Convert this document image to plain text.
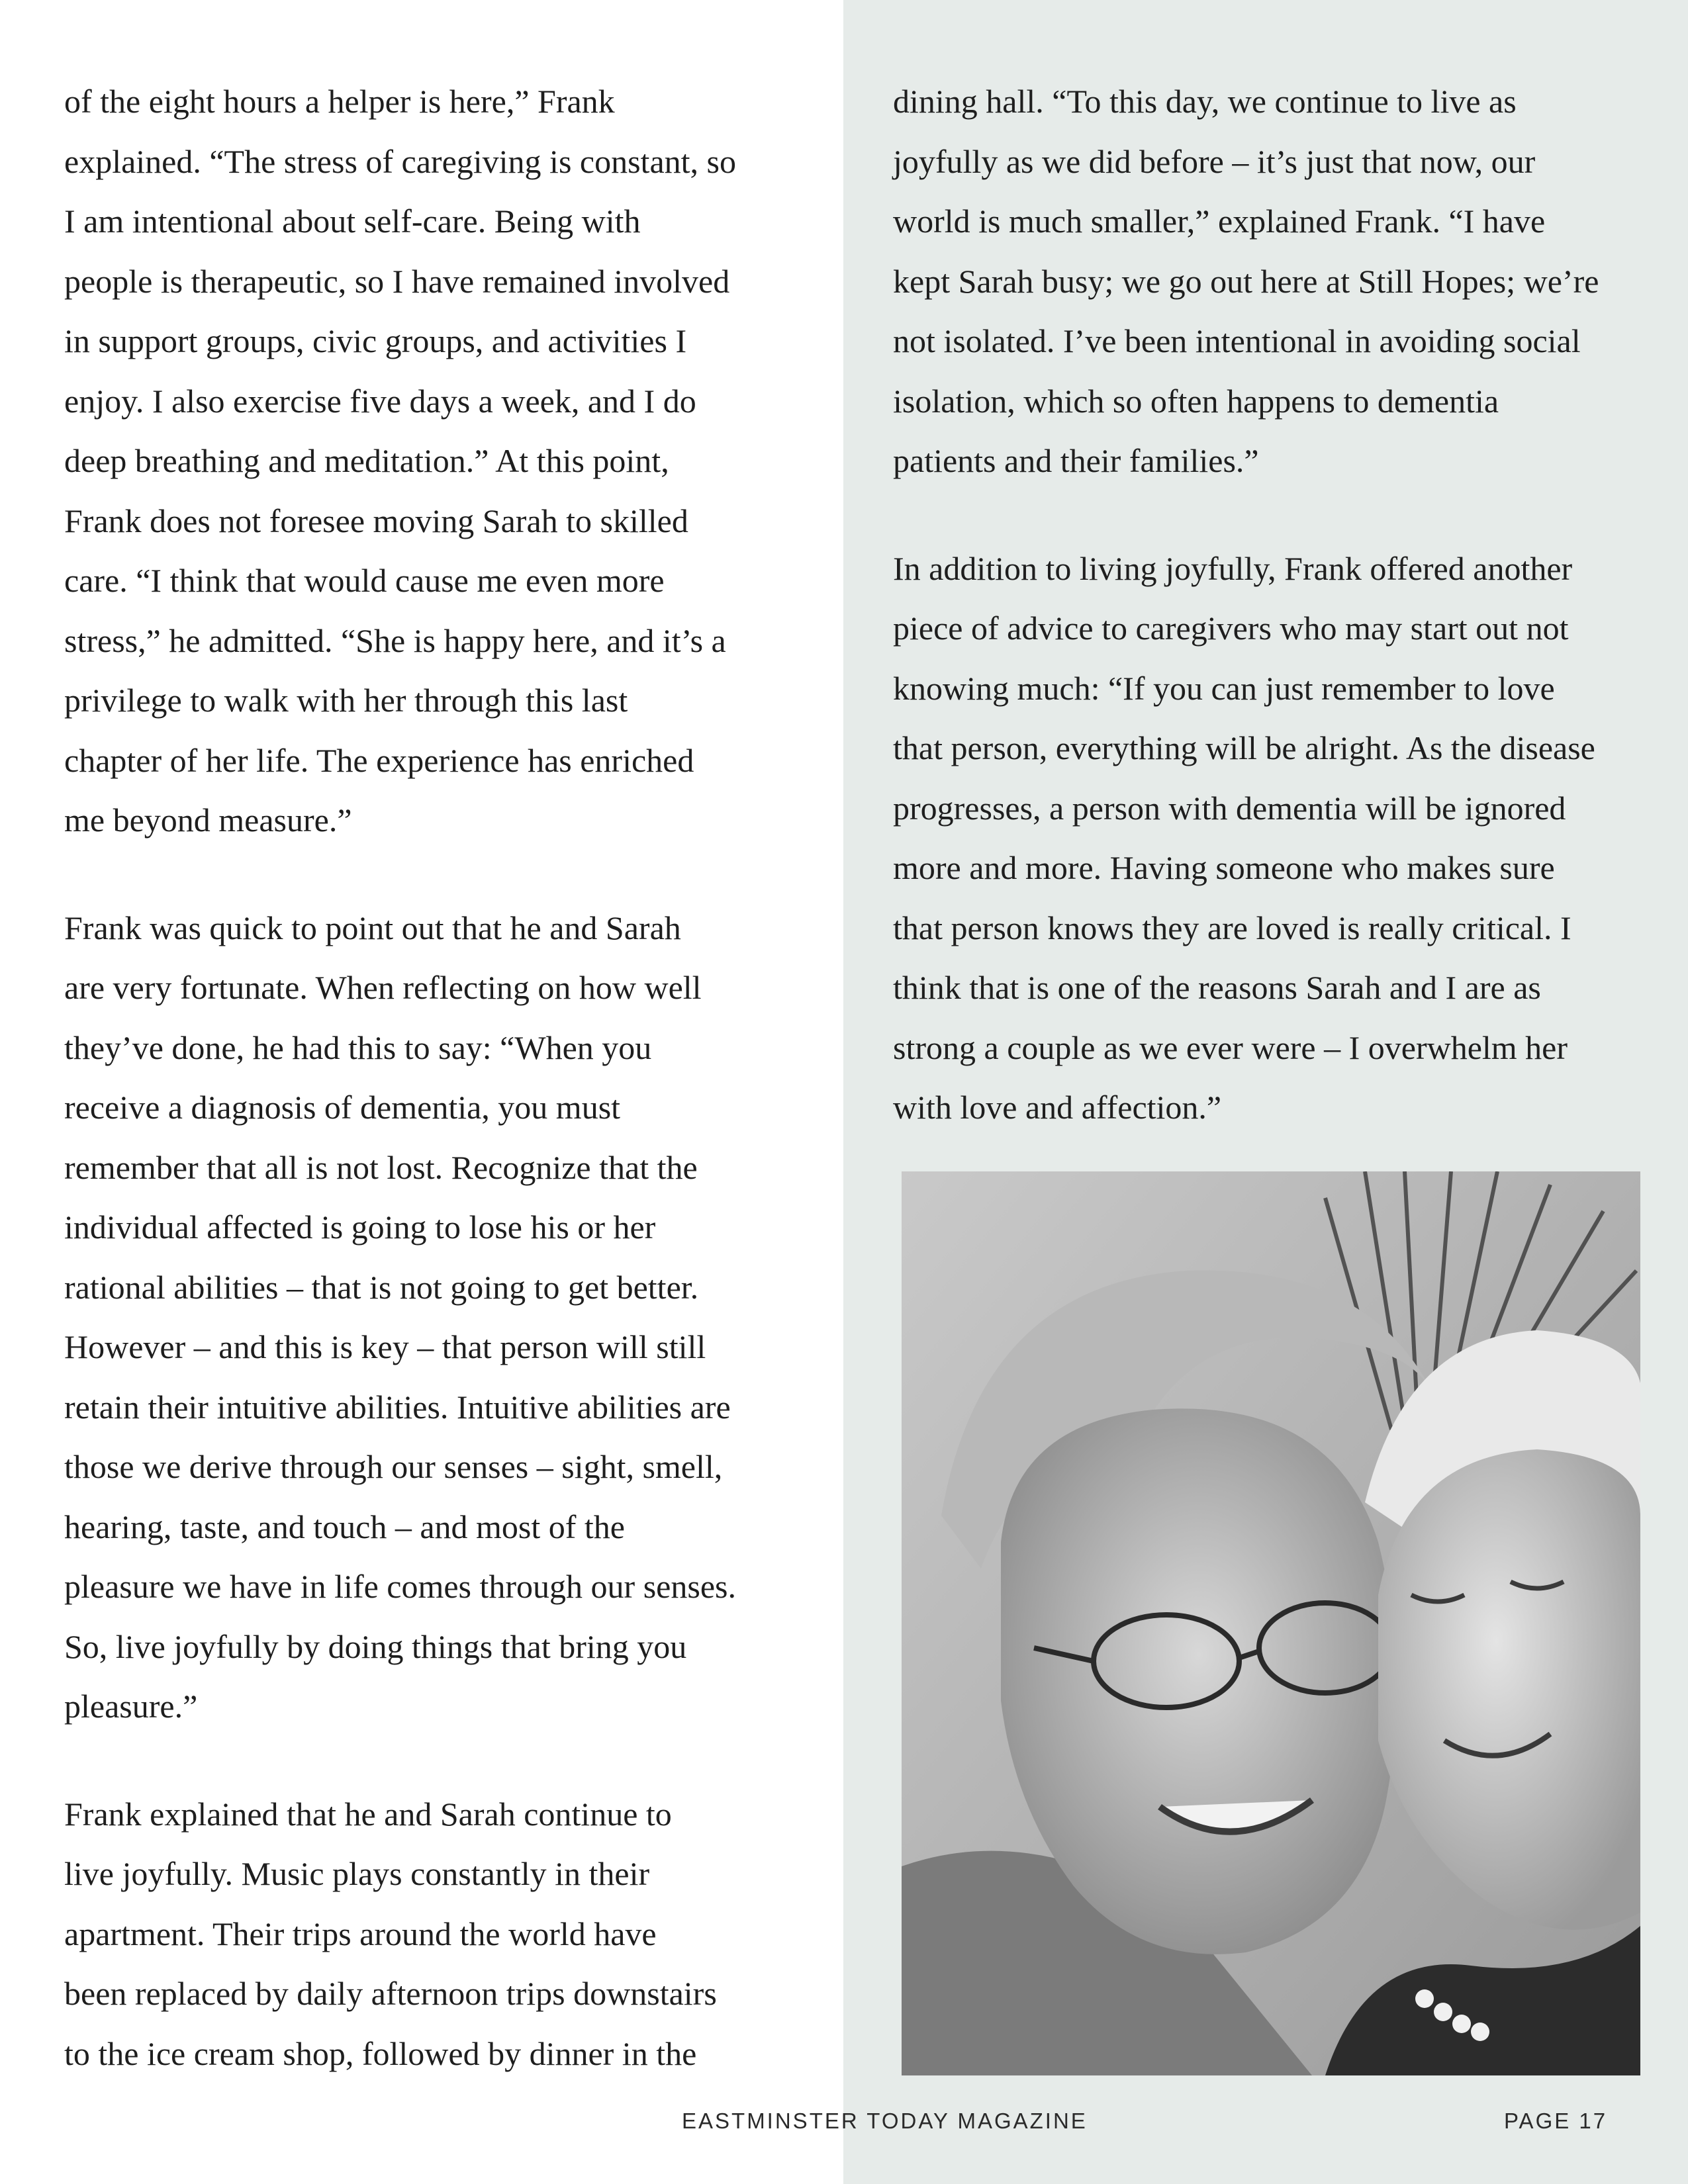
of the eight hours a helper is here,” Frank
explained. “The stress of caregiving is constant, so
I am intentional about self-care. Being with
people is therapeutic, so I have remained involved
in support groups, civic groups, and activities I
enjoy. I also exercise five days a week, and I do
deep breathing and meditation.” At this point,
Frank does not foresee moving Sarah to skilled
care. “I think that would cause me even more
stress,” he admitted. “She is happy here, and it’s a
privilege to walk with her through this last
chapter of her life. The experience has enriched
me beyond measure.”

Frank was quick to point out that he and Sarah
are very fortunate. When reflecting on how well
they’ve done, he had this to say: “When you
receive a diagnosis of dementia, you must
remember that all is not lost. Recognize that the
individual affected is going to lose his or her
rational abilities – that is not going to get better.
However – and this is key – that person will still
retain their intuitive abilities. Intuitive abilities are
those we derive through our senses – sight, smell,
hearing, taste, and touch – and most of the
pleasure we have in life comes through our senses.
So, live joyfully by doing things that bring you
pleasure.”

Frank explained that he and Sarah continue to
live joyfully. Music plays constantly in their
apartment. Their trips around the world have
been replaced by daily afternoon trips downstairs
to the ice cream shop, followed by dinner in the

dining hall. “To this day, we continue to live as
joyfully as we did before – it’s just that now, our
world is much smaller,” explained Frank. “I have
kept Sarah busy; we go out here at Still Hopes; we’re
not isolated. I’ve been intentional in avoiding social
isolation, which so often happens to dementia
patients and their families.”

In addition to living joyfully, Frank offered another
piece of advice to caregivers who may start out not
knowing much: “If you can just remember to love
that person, everything will be alright. As the disease
progresses, a person with dementia will be ignored
more and more. Having someone who makes sure
that person knows they are loved is really critical. I
think that is one of the reasons Sarah and I are as
strong a couple as we ever were – I overwhelm her
with love and affection.”

EASTMINSTER TODAY MAGAZINE	PAGE 17
